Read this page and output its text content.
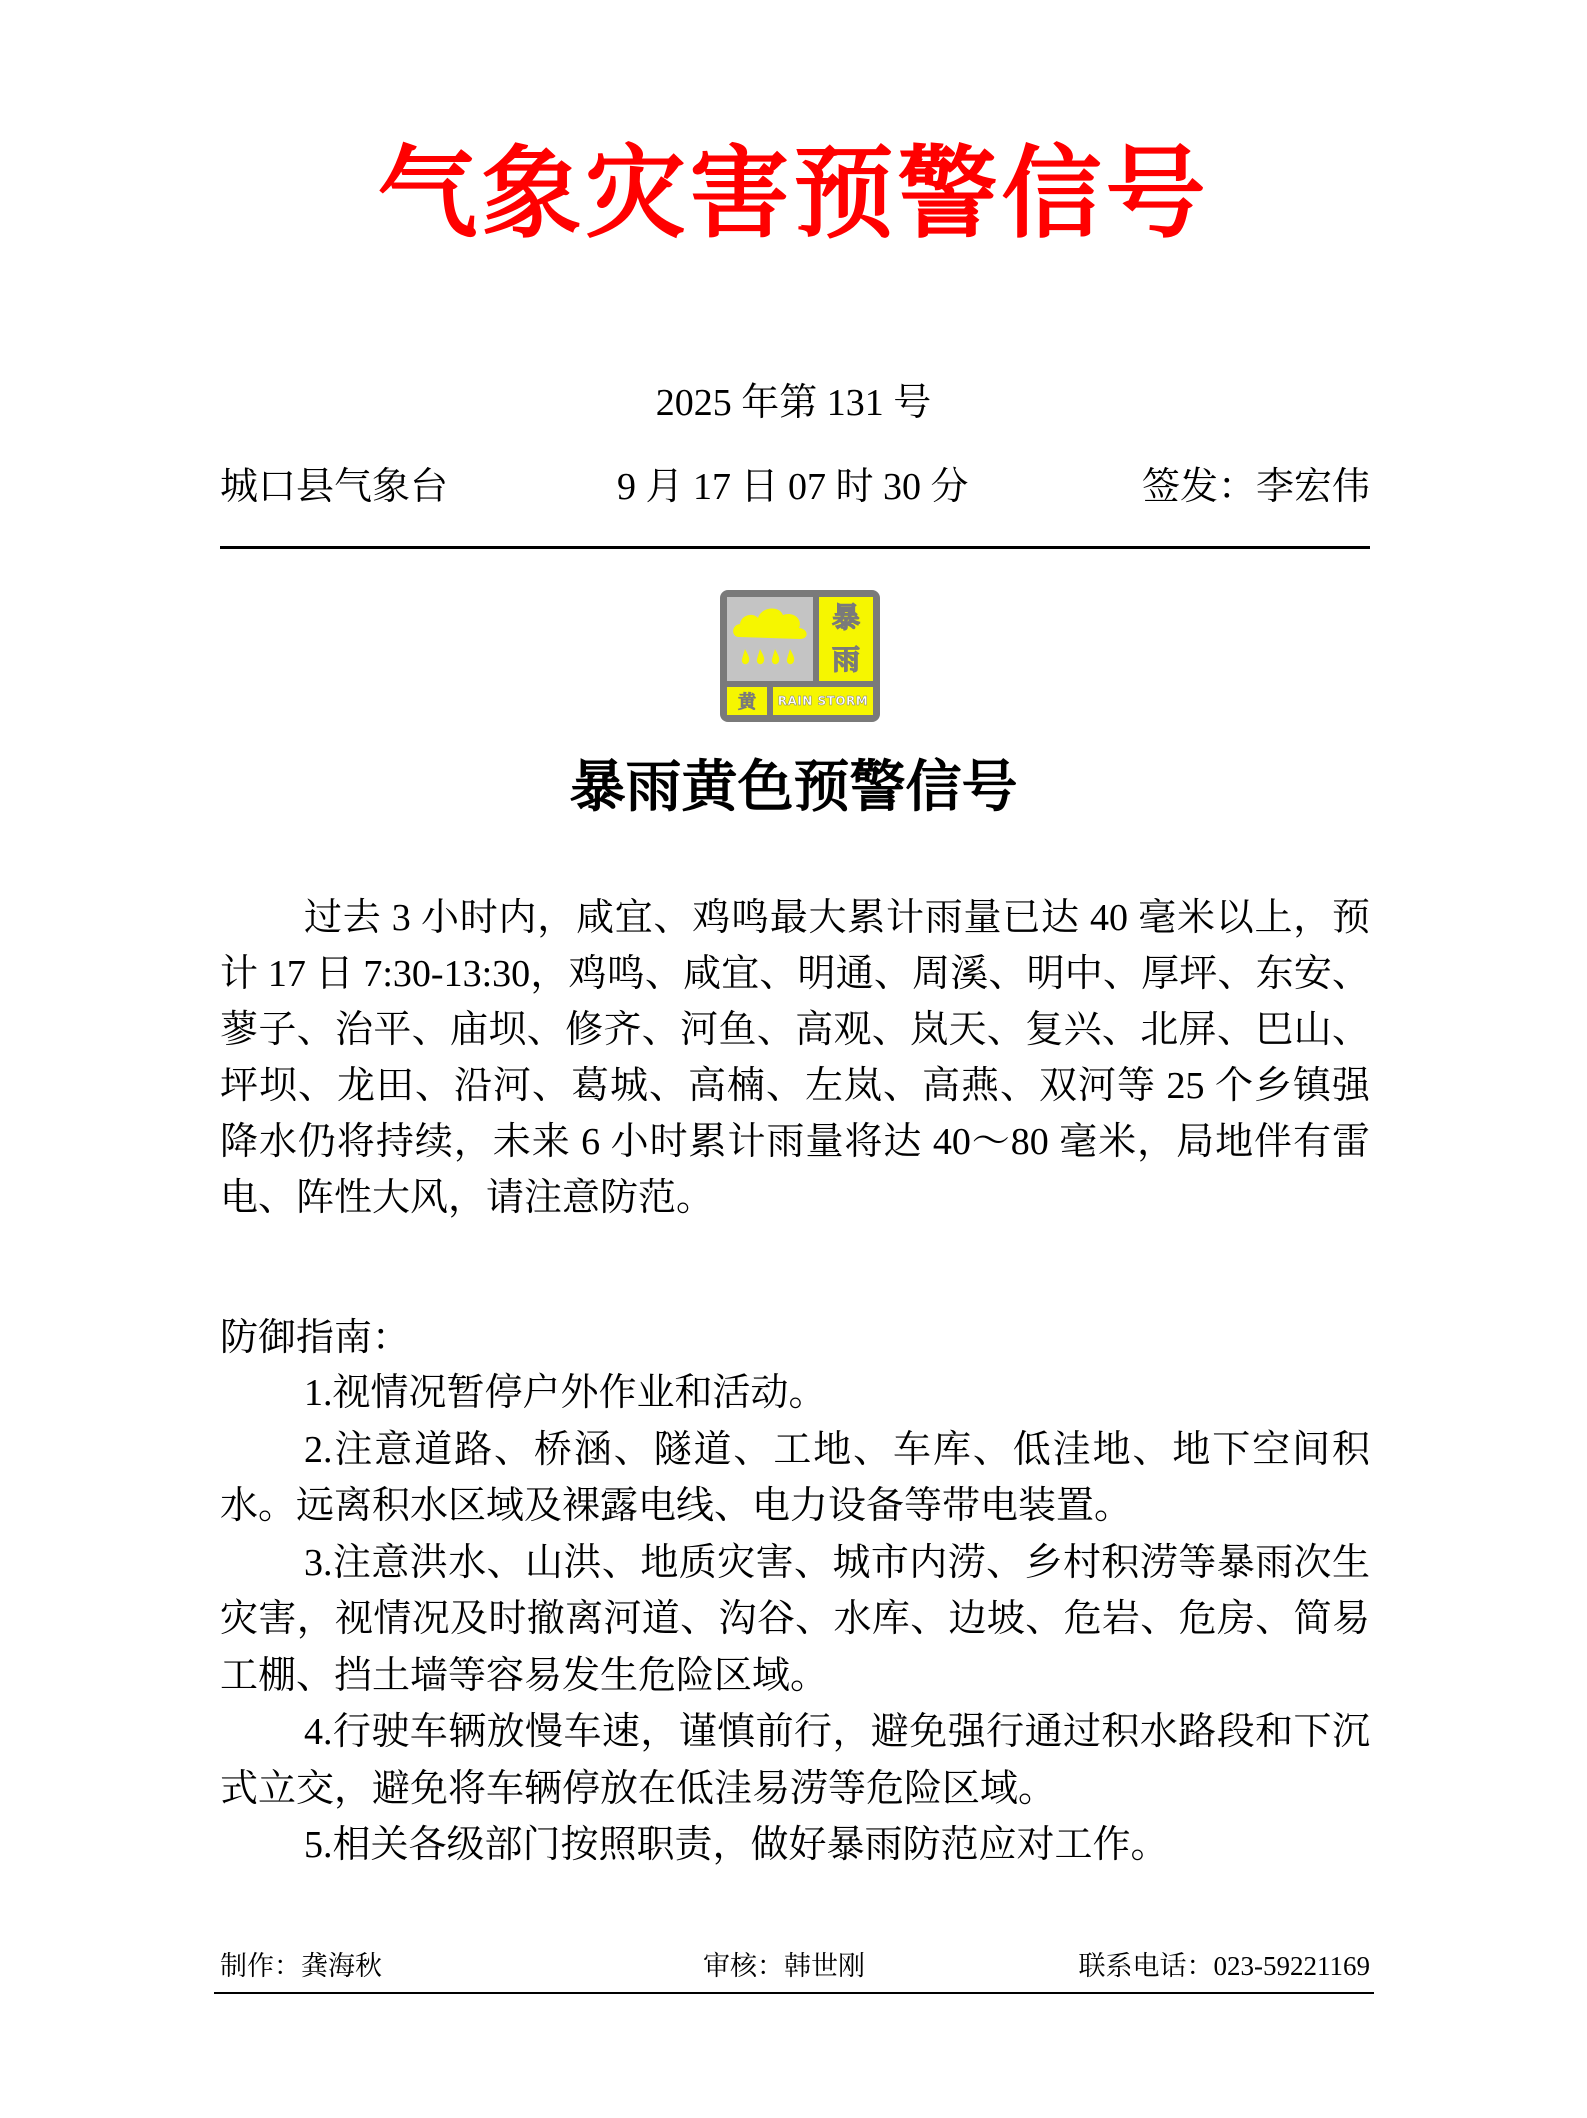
气象灾害预警信号
2025 年第 131 号
城口县气象台	9 月 17 日 07 时 30 分	签发：李宏伟
暴
雨
黄 RAIN STORM
暴雨黄色预警信号
过去 3 小时内，咸宜、鸡鸣最大累计雨量已达 40 毫米以上，预计 17 日 7:30-13:30，鸡鸣、咸宜、明通、周溪、明中、厚坪、东安、蓼子、治平、庙坝、修齐、河鱼、高观、岚天、复兴、北屏、巴山、坪坝、龙田、沿河、葛城、高楠、左岚、高燕、双河等 25 个乡镇强降水仍将持续，未来 6 小时累计雨量将达 40～80 毫米，局地伴有雷电、阵性大风，请注意防范。
防御指南：
1.视情况暂停户外作业和活动。
2.注意道路、桥涵、隧道、工地、车库、低洼地、地下空间积水。远离积水区域及裸露电线、电力设备等带电装置。
3.注意洪水、山洪、地质灾害、城市内涝、乡村积涝等暴雨次生灾害，视情况及时撤离河道、沟谷、水库、边坡、危岩、危房、简易工棚、挡土墙等容易发生危险区域。
4.行驶车辆放慢车速，谨慎前行，避免强行通过积水路段和下沉式立交，避免将车辆停放在低洼易涝等危险区域。
5.相关各级部门按照职责，做好暴雨防范应对工作。
制作：龚海秋	审核：韩世刚	联系电话：023-59221169
